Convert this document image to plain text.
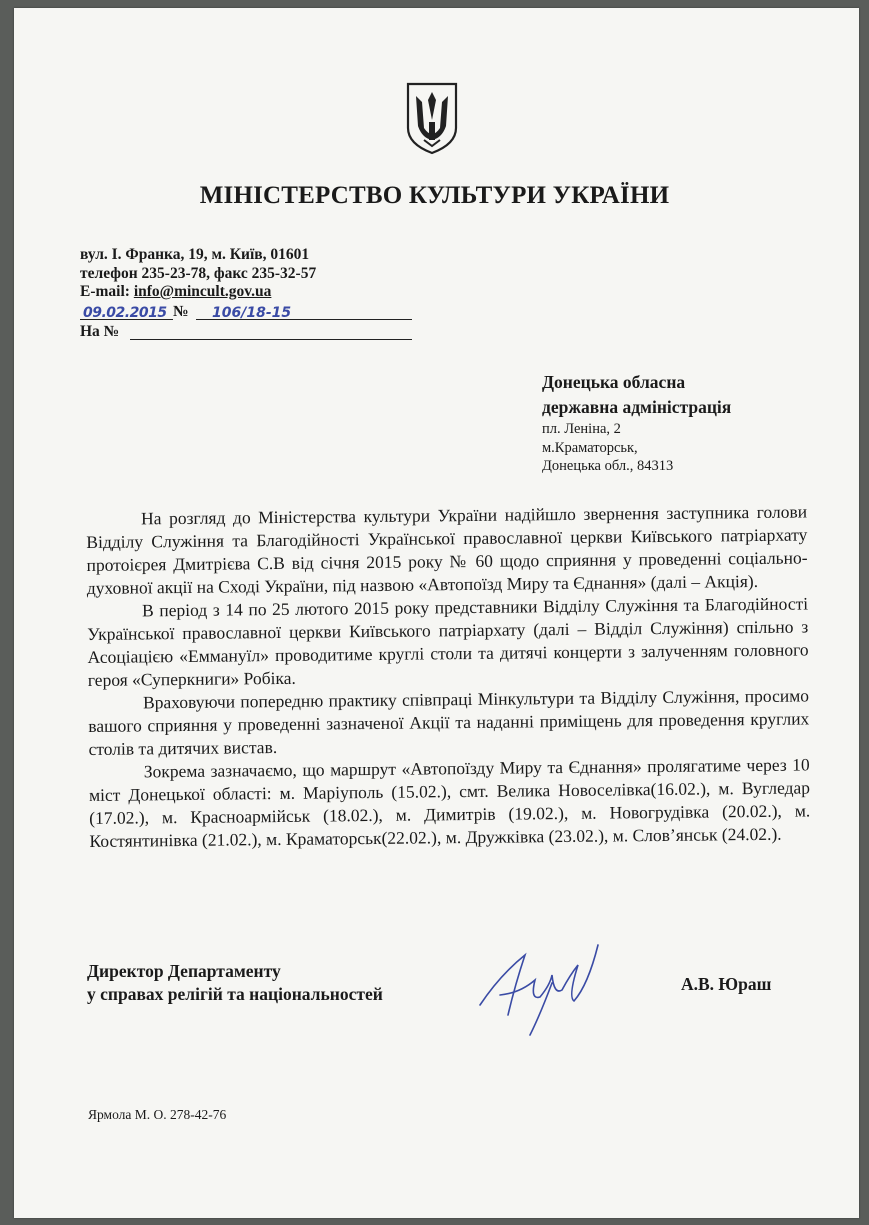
МІНІСТЕРСТВО КУЛЬТУРИ УКРАЇНИ
вул. І. Франка, 19, м. Київ, 01601
телефон 235-23-78, факс 235-32-57
E-mail: info@mincult.gov.ua
09.02.2015 № 106/18-15
На №
Донецька обласна
державна адміністрація
пл. Леніна, 2
м.Краматорськ,
Донецька обл., 84313

На розгляд до Міністерства культури України надійшло звернення заступника голови Відділу Служіння та Благодійності Української православної церкви Київського патріархату протоієрея Дмитрієва С.В від січня 2015 року № 60 щодо сприяння у проведенні соціально-духовної акції на Сході України, під назвою «Автопоїзд Миру та Єднання» (далі – Акція).

В період з 14 по 25 лютого 2015 року представники Відділу Служіння та Благодійності Української православної церкви Київського патріархату (далі – Відділ Служіння) спільно з Асоціацією «Еммануїл» проводитиме круглі столи та дитячі концерти з залученням головного героя «Суперкниги» Робіка.

Враховуючи попередню практику співпраці Мінкультури та Відділу Служіння, просимо вашого сприяння у проведенні зазначеної Акції та наданні приміщень для проведення круглих столів та дитячих вистав.

Зокрема зазначаємо, що маршрут «Автопоїзду Миру та Єднання» пролягатиме через 10 міст Донецької області: м. Маріуполь (15.02.), смт. Велика Новоселівка(16.02.), м. Вугледар (17.02.), м. Красноармійськ (18.02.), м. Димитрів (19.02.), м. Новогрудівка (20.02.), м. Костянтинівка (21.02.), м. Краматорськ(22.02.), м. Дружківка (23.02.), м. Слов’янськ (24.02.).

Директор Департаменту
у справах релігій та національностей	А.В. Юраш
Ярмола М. О. 278-42-76
